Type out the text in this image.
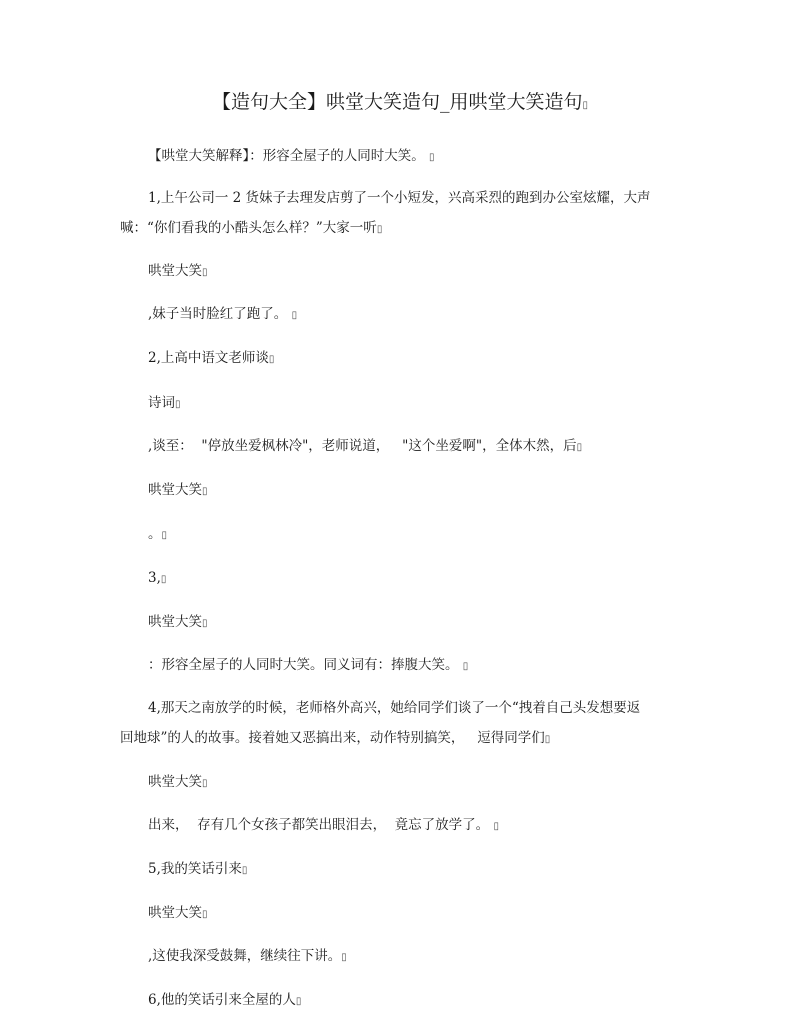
【造句大全】哄堂大笑造句_用哄堂大笑造句▯
【哄堂大笑解释】：形容全屋子的人同时大笑。 ▯
1,上午公司一 2 货妹子去理发店剪了一个小短发，兴高采烈的跑到办公室炫耀，大声
喊：“你们看我的小酷头怎么样？”大家一听▯
哄堂大笑▯
,妹子当时脸红了跑了。 ▯
2,上高中语文老师谈▯
诗词▯
,谈至：  "停放坐爱枫林冷"，老师说道，   "这个坐爱啊"，全体木然，后▯
哄堂大笑▯
。▯
3,▯
哄堂大笑▯
：形容全屋子的人同时大笑。同义词有：捧腹大笑。 ▯
4,那天之南放学的时候，老师格外高兴，她给同学们谈了一个“拽着自己头发想要返
回地球”的人的故事。接着她又恶搞出来，动作特别搞笑，   逗得同学们▯
哄堂大笑▯
出来，  存有几个女孩子都笑出眼泪去，  竟忘了放学了。 ▯
5,我的笑话引来▯
哄堂大笑▯
,这使我深受鼓舞，继续往下讲。▯
6,他的笑话引来全屋的人▯
